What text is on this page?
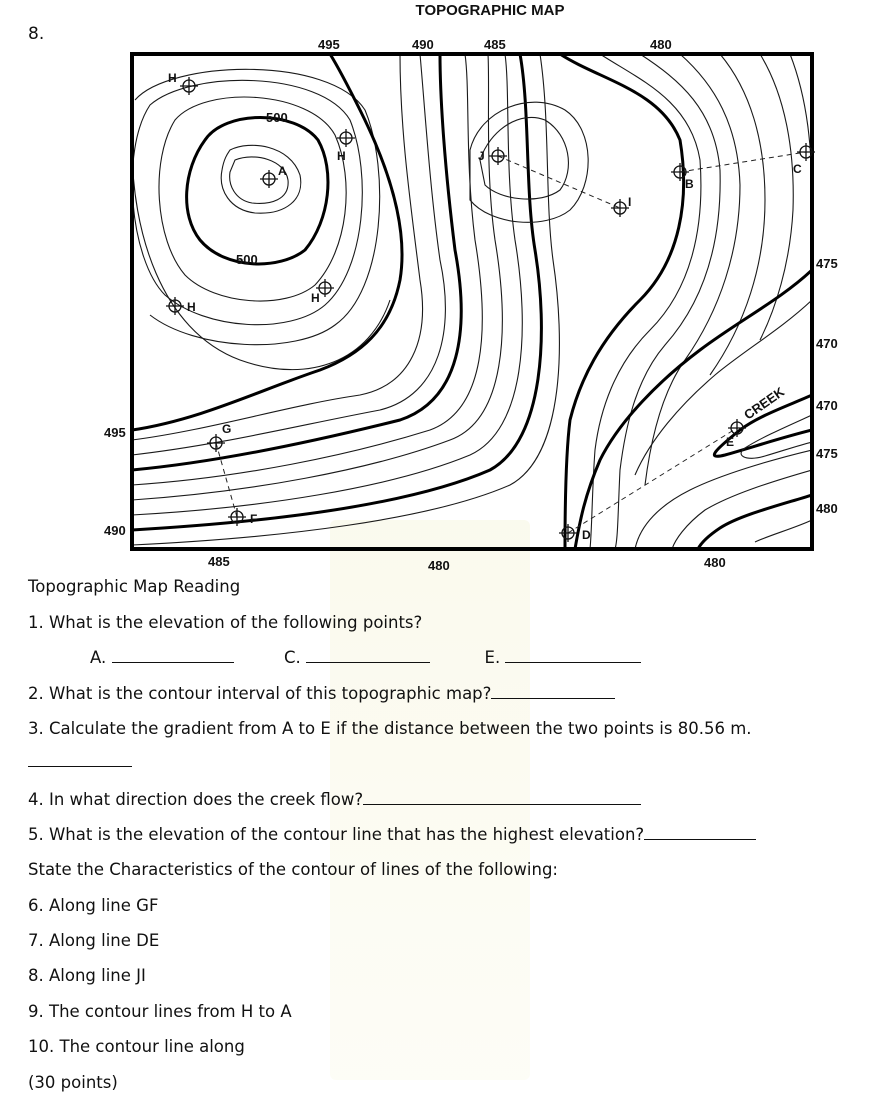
8.
TOPOGRAPHIC MAP
495	490	485	480
495
490
485	480	480
475
470
470
475
480
500
500
CREEK
H
A
H	J
I
B
C
H
H
G
F
D
E
Topographic Map Reading
1. What is the elevation of the following points?
A.	C.	E.
2. What is the contour interval of this topographic map?
3. Calculate the gradient from A to E if the distance between the two points is 80.56 m.
4. In what direction does the creek flow?
5. What is the elevation of the contour line that has the highest elevation?
State the Characteristics of the contour of lines of the following:
6. Along line GF
7. Along line DE
8. Along line JI
9. The contour lines from H to A
10. The contour line along
(30 points)
